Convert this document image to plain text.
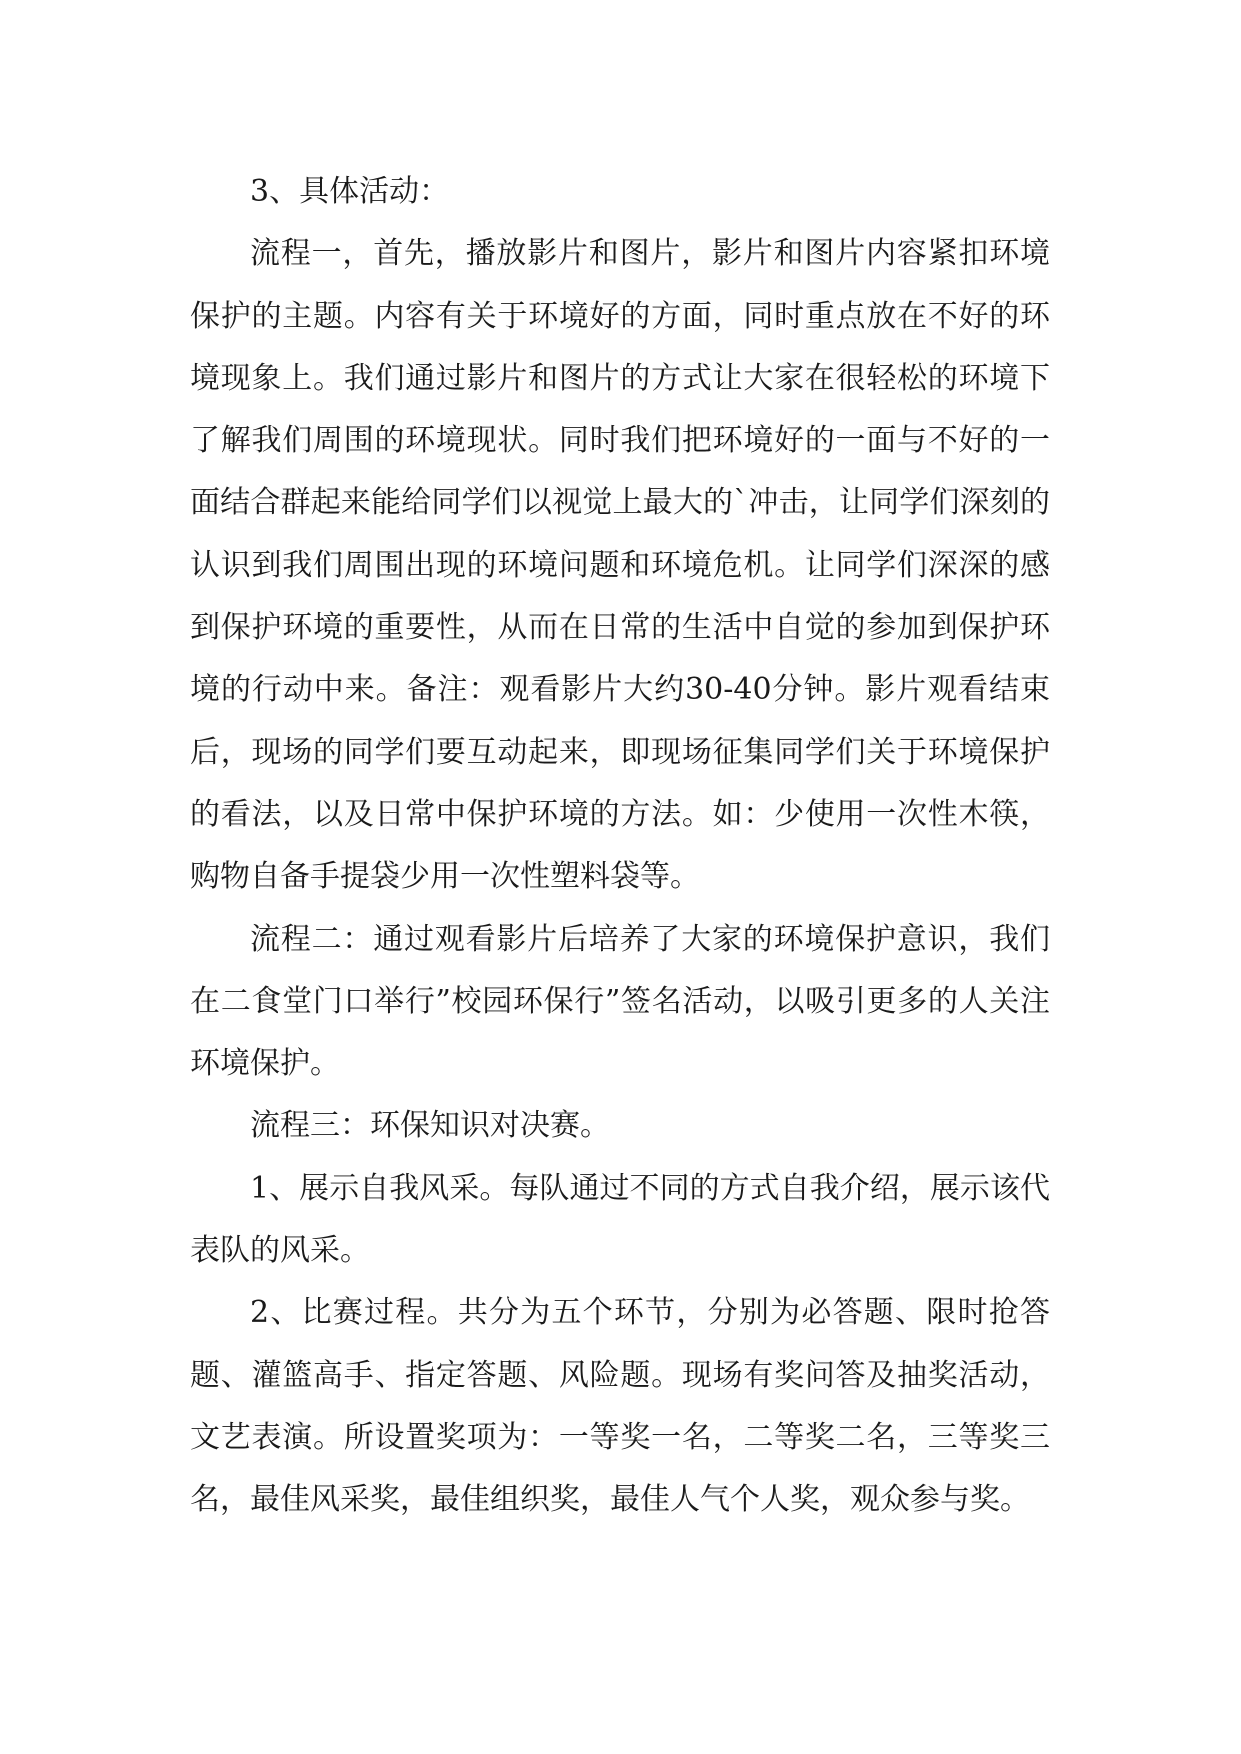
3、具体活动：

流程一，首先，播放影片和图片，影片和图片内容紧扣环境保护的主题。内容有关于环境好的方面，同时重点放在不好的环境现象上。我们通过影片和图片的方式让大家在很轻松的环境下了解我们周围的环境现状。同时我们把环境好的一面与不好的一面结合群起来能给同学们以视觉上最大的`冲击，让同学们深刻的认识到我们周围出现的环境问题和环境危机。让同学们深深的感到保护环境的重要性，从而在日常的生活中自觉的参加到保护环境的行动中来。备注：观看影片大约30-40分钟。影片观看结束后，现场的同学们要互动起来，即现场征集同学们关于环境保护的看法，以及日常中保护环境的方法。如：少使用一次性木筷，购物自备手提袋少用一次性塑料袋等。

流程二：通过观看影片后培养了大家的环境保护意识，我们在二食堂门口举行”校园环保行”签名活动，以吸引更多的人关注环境保护。

流程三：环保知识对决赛。

1、展示自我风采。每队通过不同的方式自我介绍，展示该代表队的风采。

2、比赛过程。共分为五个环节，分别为必答题、限时抢答题、灌篮高手、指定答题、风险题。现场有奖问答及抽奖活动，文艺表演。所设置奖项为：一等奖一名，二等奖二名，三等奖三名，最佳风采奖，最佳组织奖，最佳人气个人奖，观众参与奖。
